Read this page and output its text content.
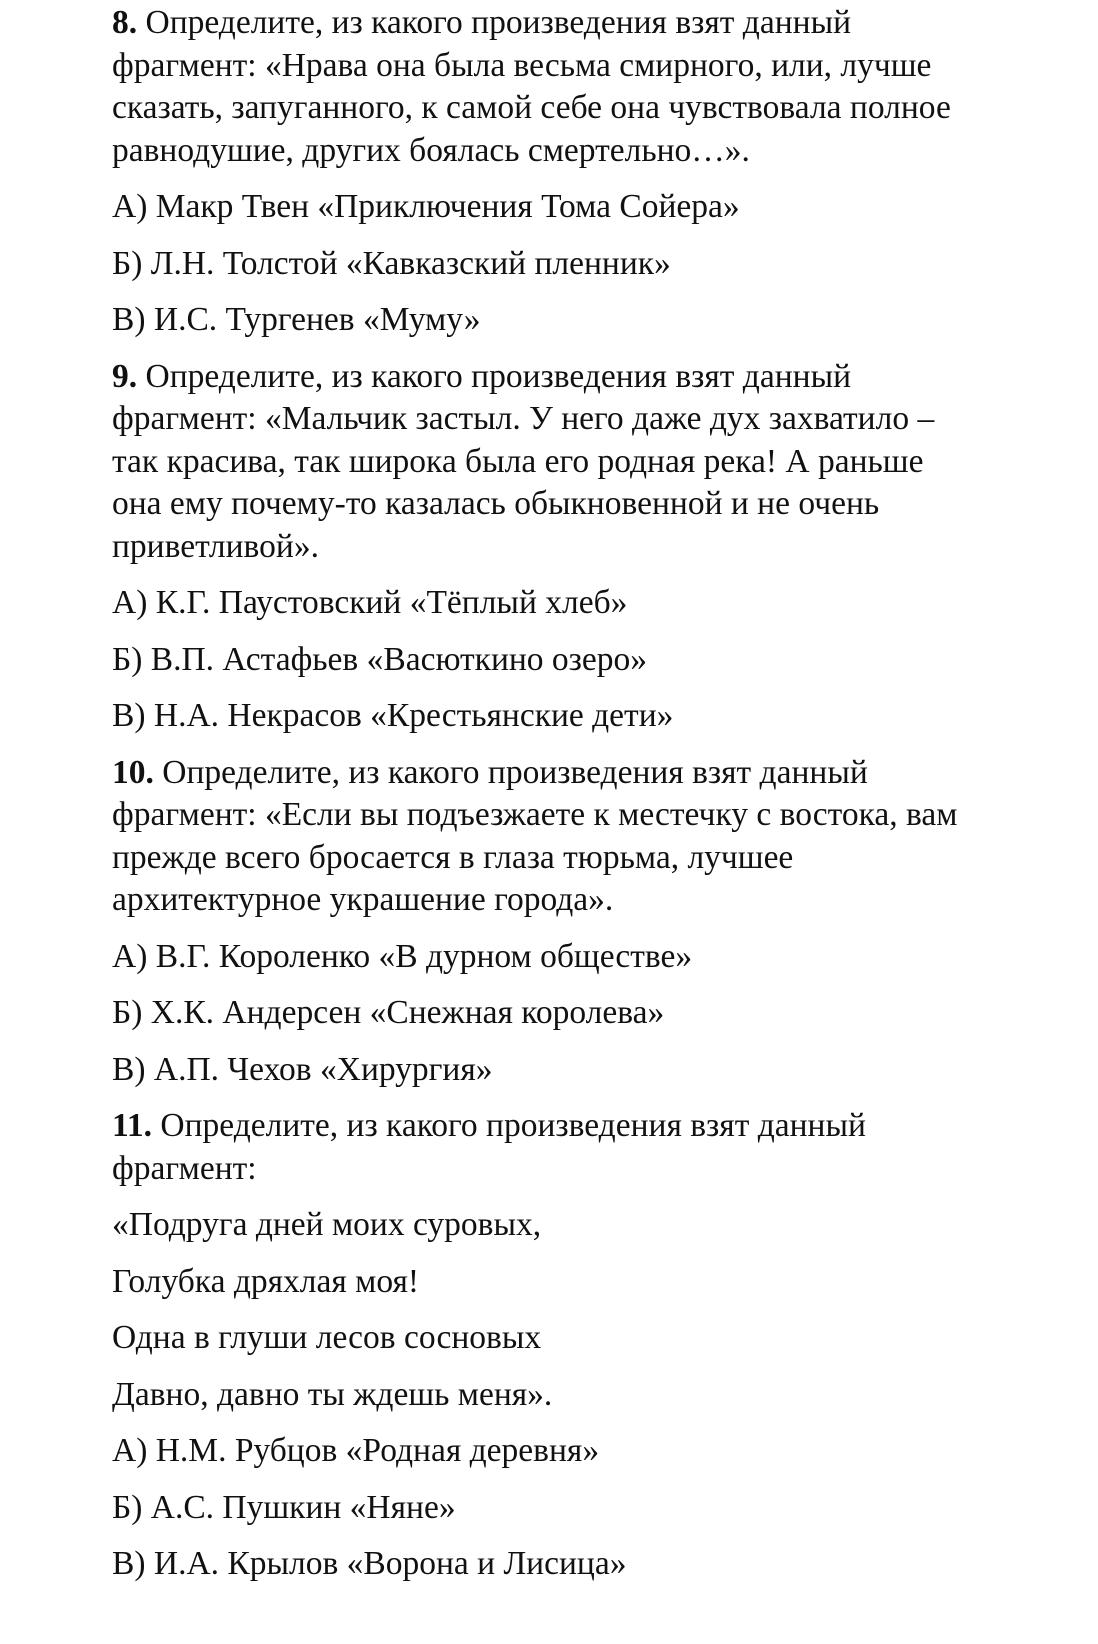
8. Определите, из какого произведения взят данный

фрагмент: «Нрава она была весьма смирного, или, лучше

сказать, запуганного, к самой себе она чувствовала полное

равнодушие, других боялась смертельно…».

А) Макр Твен «Приключения Тома Сойера»

Б) Л.Н. Толстой «Кавказский пленник»

В) И.С. Тургенев «Муму»

9. Определите, из какого произведения взят данный

фрагмент: «Мальчик застыл. У него даже дух захватило –

так красива, так широка была его родная река! А раньше

она ему почему-то казалась обыкновенной и не очень

приветливой».

А) К.Г. Паустовский «Тёплый хлеб»

Б) В.П. Астафьев «Васюткино озеро»

В) Н.А. Некрасов «Крестьянские дети»

10. Определите, из какого произведения взят данный

фрагмент: «Если вы подъезжаете к местечку с востока, вам

прежде всего бросается в глаза тюрьма, лучшее

архитектурное украшение города».

А) В.Г. Короленко «В дурном обществе»

Б) Х.К. Андерсен «Снежная королева»

В) А.П. Чехов «Хирургия»

11. Определите, из какого произведения взят данный

фрагмент:

«Подруга дней моих суровых,

Голубка дряхлая моя!

Одна в глуши лесов сосновых

Давно, давно ты ждешь меня».

А) Н.М. Рубцов «Родная деревня»

Б) А.С. Пушкин «Няне»

В) И.А. Крылов «Ворона и Лисица»
